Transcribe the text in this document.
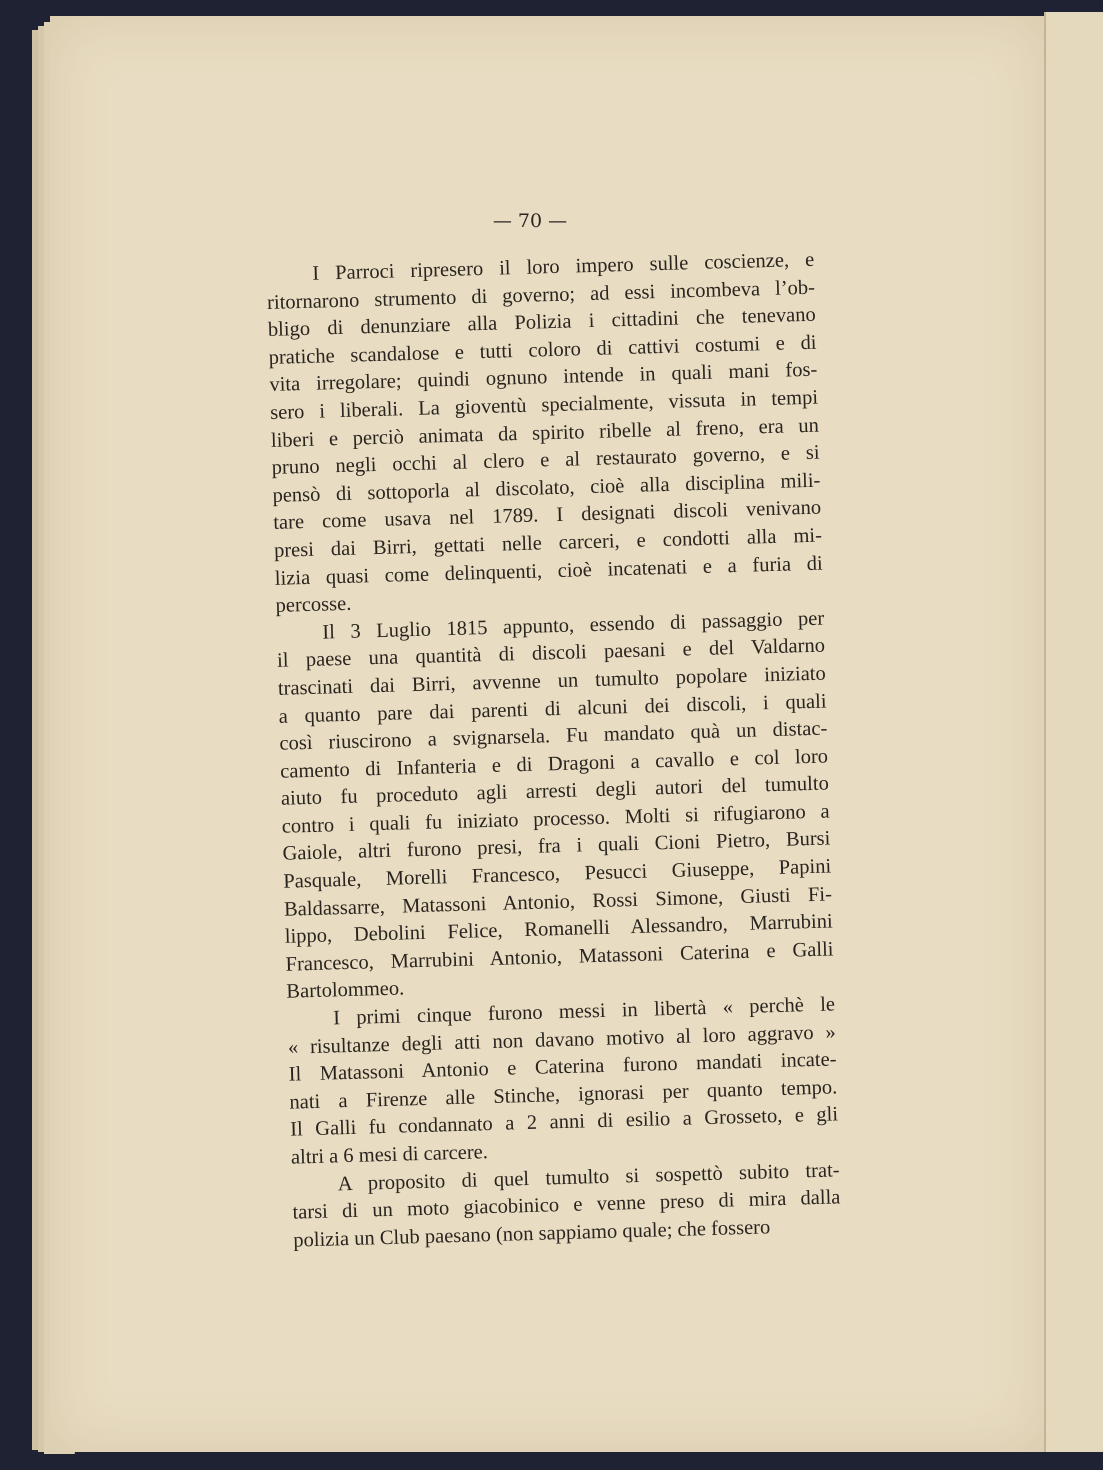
— 70 —
I Parroci ripresero il loro impero sulle coscienze, e
ritornarono strumento di governo; ad essi incombeva l’ob-
bligo di denunziare alla Polizia i cittadini che tenevano
pratiche scandalose e tutti coloro di cattivi costumi e di
vita irregolare; quindi ognuno intende in quali mani fos-
sero i liberali. La gioventù specialmente, vissuta in tempi
liberi e perciò animata da spirito ribelle al freno, era un
pruno negli occhi al clero e al restaurato governo, e si
pensò di sottoporla al discolato, cioè alla disciplina mili-
tare come usava nel 1789. I designati discoli venivano
presi dai Birri, gettati nelle carceri, e condotti alla mi-
lizia quasi come delinquenti, cioè incatenati e a furia di
percosse.
Il 3 Luglio 1815 appunto, essendo di passaggio per
il paese una quantità di discoli paesani e del Valdarno
trascinati dai Birri, avvenne un tumulto popolare iniziato
a quanto pare dai parenti di alcuni dei discoli, i quali
così riuscirono a svignarsela. Fu mandato quà un distac-
camento di Infanteria e di Dragoni a cavallo e col loro
aiuto fu proceduto agli arresti degli autori del tumulto
contro i quali fu iniziato processo. Molti si rifugiarono a
Gaiole, altri furono presi, fra i quali Cioni Pietro, Bursi
Pasquale, Morelli Francesco, Pesucci Giuseppe, Papini
Baldassarre, Matassoni Antonio, Rossi Simone, Giusti Fi-
lippo, Debolini Felice, Romanelli Alessandro, Marrubini
Francesco, Marrubini Antonio, Matassoni Caterina e Galli
Bartolommeo.
I primi cinque furono messi in libertà « perchè le
« risultanze degli atti non davano motivo al loro aggravo »
Il Matassoni Antonio e Caterina furono mandati incate-
nati a Firenze alle Stinche, ignorasi per quanto tempo.
Il Galli fu condannato a 2 anni di esilio a Grosseto, e gli
altri a 6 mesi di carcere.
A proposito di quel tumulto si sospettò subito trat-
tarsi di un moto giacobinico e venne preso di mira dalla
polizia un Club paesano (non sappiamo quale; che fossero
